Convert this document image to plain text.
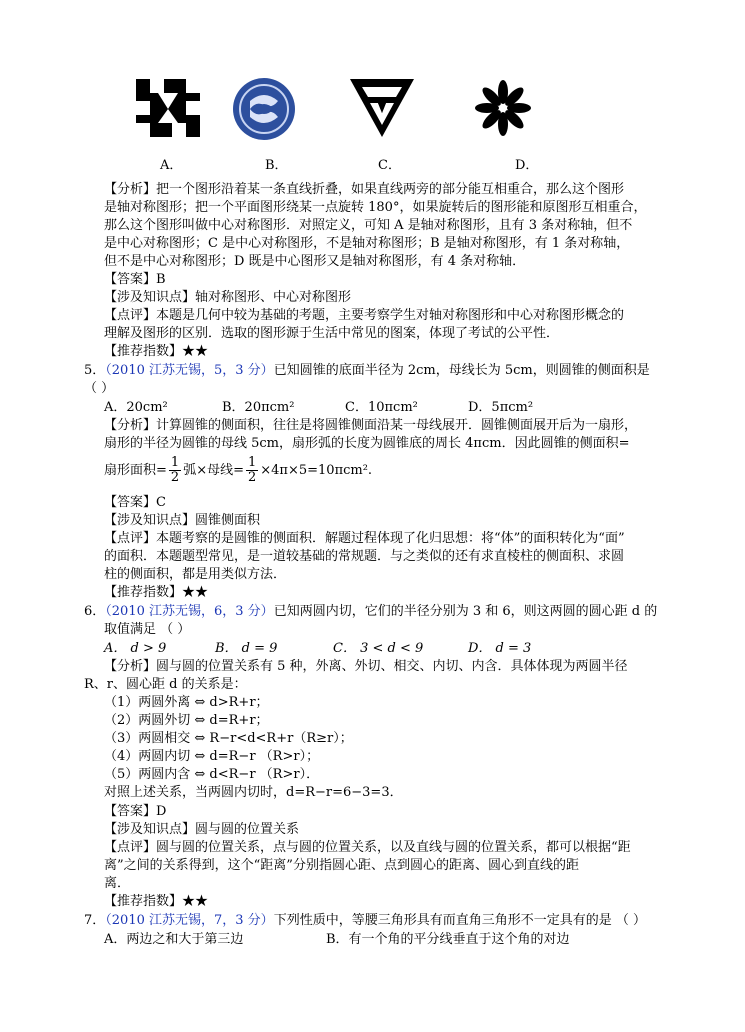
A．	B．	C．	D．
【分析】把一个图形沿着某一条直线折叠，如果直线两旁的部分能互相重合，那么这个图形
是轴对称图形；把一个平面图形绕某一点旋转 180°，如果旋转后的图形能和原图形互相重合，
那么这个图形叫做中心对称图形．对照定义，可知 A 是轴对称图形，且有 3 条对称轴，但不
是中心对称图形；C 是中心对称图形，不是轴对称图形；B 是轴对称图形，有 1 条对称轴，
但不是中心对称图形；D 既是中心图形又是轴对称图形，有 4 条对称轴．
【答案】B
【涉及知识点】轴对称图形、中心对称图形
【点评】本题是几何中较为基础的考题，主要考察学生对轴对称图形和中心对称图形概念的
理解及图形的区别．选取的图形源于生活中常见的图案，体现了考试的公平性．
【推荐指数】★★
5．（2010 江苏无锡，5，3 分）已知圆锥的底面半径为 2cm，母线长为 5cm，则圆锥的侧面积是
（ ）
A．20cm²	B．20πcm²	C．10πcm²	D．5πcm²
【分析】计算圆锥的侧面积，往往是将圆锥侧面沿某一母线展开．圆锥侧面展开后为一扇形，
扇形的半径为圆锥的母线 5cm，扇形弧的长度为圆锥底的周长 4πcm．因此圆锥的侧面积=
扇形面积= $\frac{1}{2}$ 弧×母线= $\frac{1}{2} \times 4\pi\times 5=10\pi cm^2$.
【答案】C
【涉及知识点】圆锥侧面积
【点评】本题考察的是圆锥的侧面积．解题过程体现了化归思想：将“体”的面积转化为“面”
的面积．本题题型常见，是一道较基础的常规题．与之类似的还有求直棱柱的侧面积、求圆
柱的侧面积，都是用类似方法．
【推荐指数】★★
6．（2010 江苏无锡，6，3 分）已知两圆内切，它们的半径分别为 3 和 6，则这两圆的圆心距 d 的
取值满足 （ ）
A． d > 9	B． d = 9	C． 3 < d < 9	D． d = 3
【分析】圆与圆的位置关系有 5 种，外离、外切、相交、内切、内含．具体体现为两圆半径
R、r、圆心距 d 的关系是：
（1）两圆外离 ⇔ d>R+r；
（2）两圆外切 ⇔ d=R+r；
（3）两圆相交 ⇔ R−r<d<R+r（R≥r）；
（4）两圆内切 ⇔ d=R−r （R>r）；
（5）两圆内含 ⇔ d<R−r （R>r）．
对照上述关系，当两圆内切时，d=R−r=6−3=3．
【答案】D
【涉及知识点】圆与圆的位置关系
【点评】圆与圆的位置关系，点与圆的位置关系，以及直线与圆的位置关系，都可以根据“距
离”之间的关系得到，这个“距离”分别指圆心距、点到圆心的距离、圆心到直线的距
离．
【推荐指数】★★
7．（2010 江苏无锡，7，3 分）下列性质中，等腰三角形具有而直角三角形不一定具有的是 （ ）
A．两边之和大于第三边	B．有一个角的平分线垂直于这个角的对边
